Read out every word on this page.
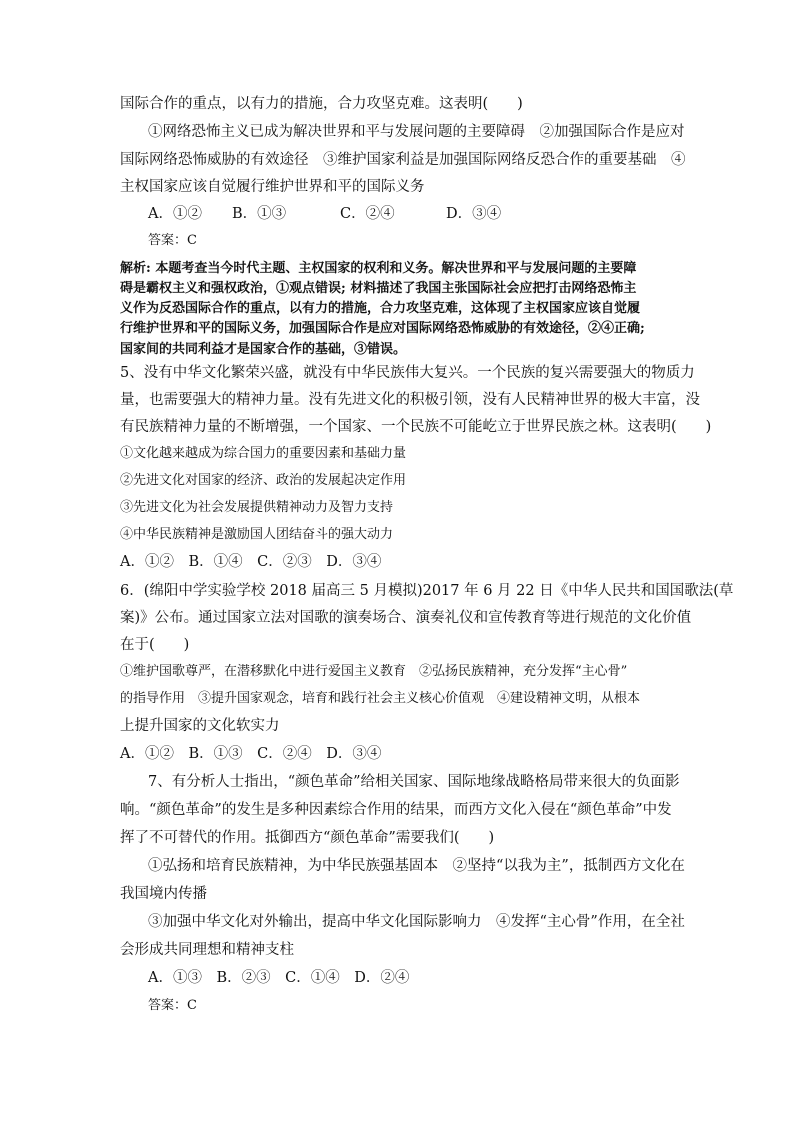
国际合作的重点，以有力的措施，合力攻坚克难。这表明(　　)
①网络恐怖主义已成为解决世界和平与发展问题的主要障碍　②加强国际合作是应对
国际网络恐怖威胁的有效途径　③维护国家利益是加强国际网络反恐合作的重要基础　④
主权国家应该自觉履行维护世界和平的国际义务
A．①② B．①③	C．②④	D．③④
答案：C
解析: 本题考查当今时代主题、主权国家的权利和义务。解决世界和平与发展问题的主要障
碍是霸权主义和强权政治，①观点错误; 材料描述了我国主张国际社会应把打击网络恐怖主
义作为反恐国际合作的重点，以有力的措施，合力攻坚克难，这体现了主权国家应该自觉履
行维护世界和平的国际义务，加强国际合作是应对国际网络恐怖威胁的有效途径，②④正确;
国家间的共同利益才是国家合作的基础，③错误。
5、没有中华文化繁荣兴盛，就没有中华民族伟大复兴。一个民族的复兴需要强大的物质力
量，也需要强大的精神力量。没有先进文化的积极引领，没有人民精神世界的极大丰富，没
有民族精神力量的不断增强，一个国家、一个民族不可能屹立于世界民族之林。这表明(　　)
①文化越来越成为综合国力的重要因素和基础力量
②先进文化对国家的经济、政治的发展起决定作用
③先进文化为社会发展提供精神动力及智力支持
④中华民族精神是激励国人团结奋斗的强大动力
A．①②　B．①④　C．②③　D．③④
6．(绵阳中学实验学校 2018 届高三 5 月模拟)2017 年 6 月 22 日《中华人民共和国国歌法(草
案)》公布。通过国家立法对国歌的演奏场合、演奏礼仪和宣传教育等进行规范的文化价值
在于(　　)
①维护国歌尊严，在潜移默化中进行爱国主义教育　②弘扬民族精神，充分发挥“主心骨”
的指导作用　③提升国家观念，培育和践行社会主义核心价值观　④建设精神文明，从根本
上提升国家的文化软实力
A．①②　B．①③　C．②④　D．③④
7、有分析人士指出，“颜色革命”给相关国家、国际地缘战略格局带来很大的负面影
响。“颜色革命”的发生是多种因素综合作用的结果，而西方文化入侵在“颜色革命”中发
挥了不可替代的作用。抵御西方“颜色革命”需要我们(　　)
①弘扬和培育民族精神，为中华民族强基固本　②坚持“以我为主”，抵制西方文化在
我国境内传播
③加强中华文化对外输出，提高中华文化国际影响力　④发挥“主心骨”作用，在全社
会形成共同理想和精神支柱
A．①③　B．②③　C．①④　D．②④
答案：C
